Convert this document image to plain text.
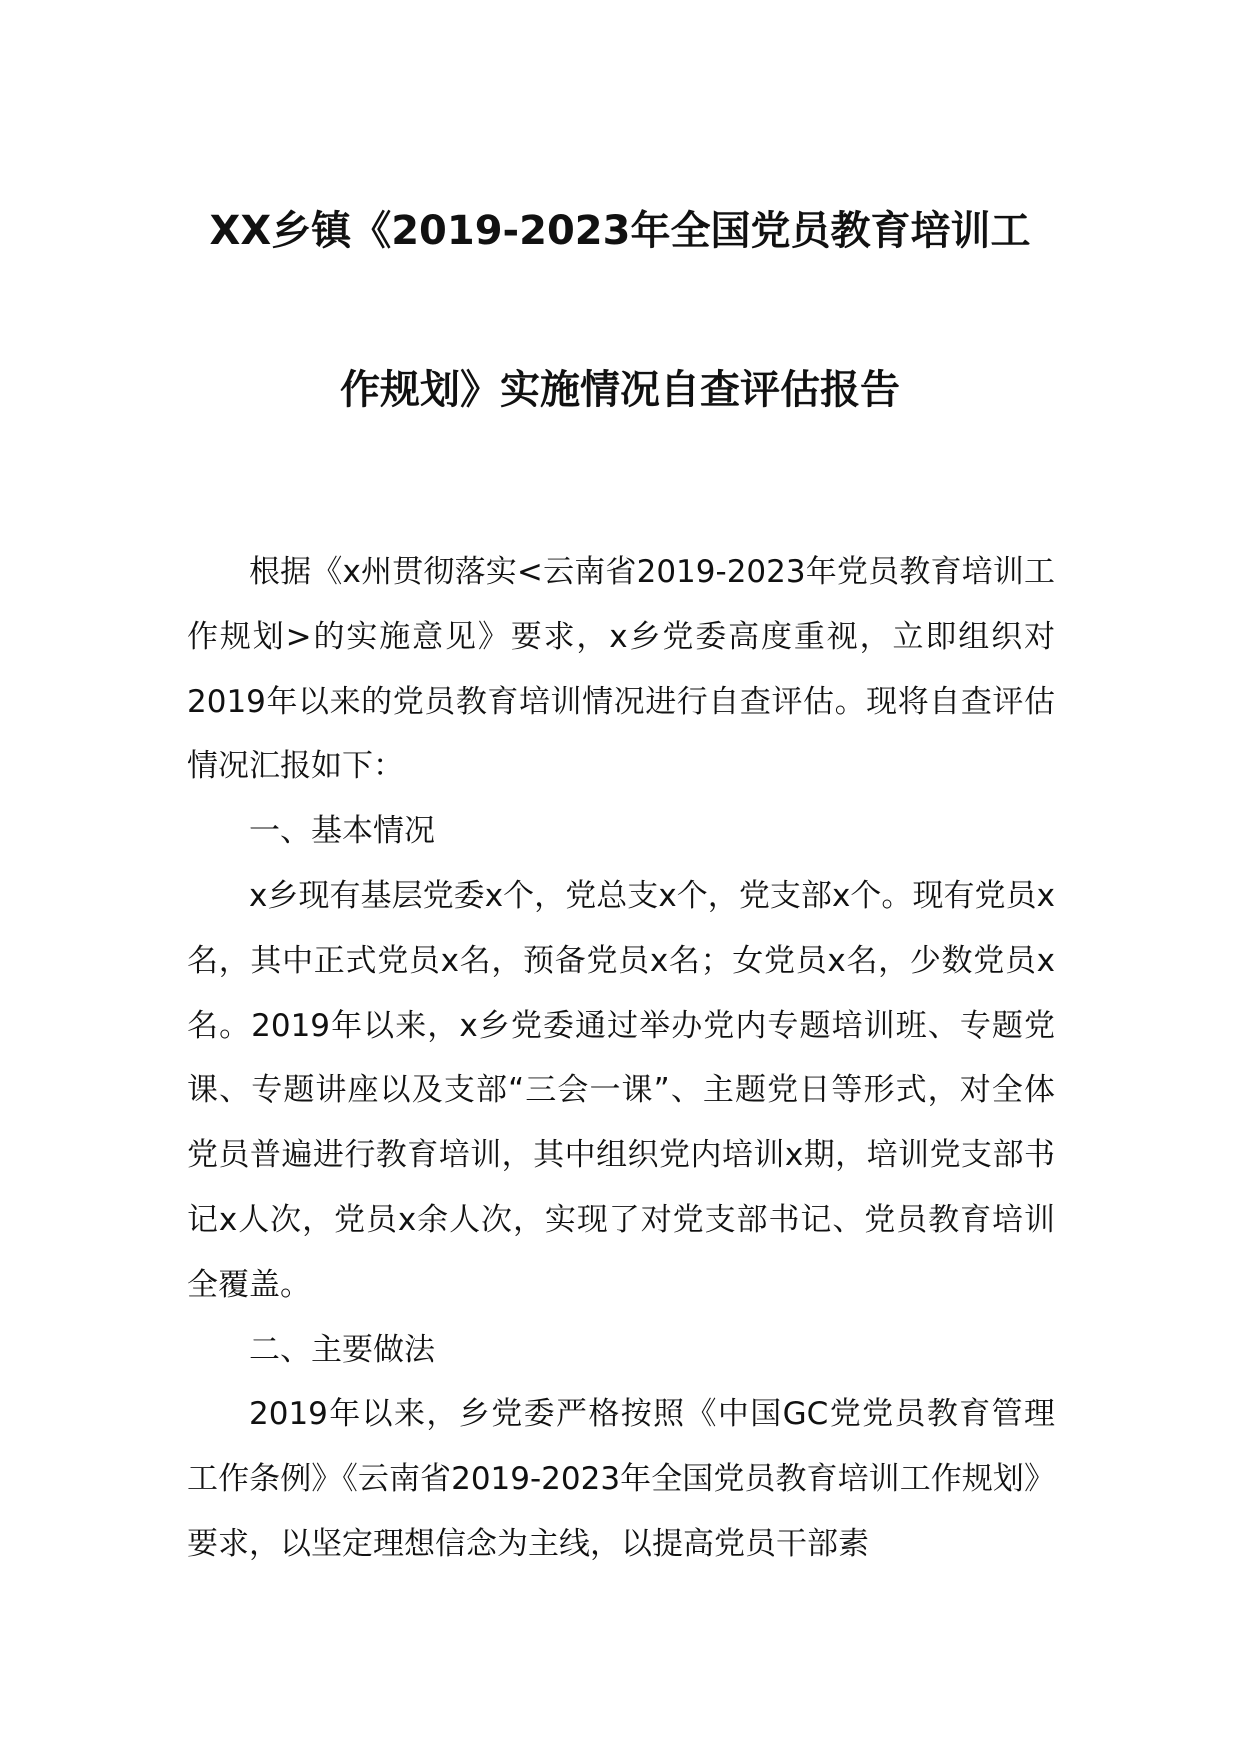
XX乡镇《2019-2023年全国党员教育培训工
作规划》实施情况自查评估报告

根据《x州贯彻落实<云南省2019-2023年党员教育培训工作规划>的实施意见》要求，x乡党委高度重视，立即组织对2019年以来的党员教育培训情况进行自查评估。现将自查评估情况汇报如下：

一、基本情况

x乡现有基层党委x个，党总支x个，党支部x个。现有党员x名，其中正式党员x名，预备党员x名；女党员x名，少数党员x名。2019年以来，x乡党委通过举办党内专题培训班、专题党课、专题讲座以及支部“三会一课”、主题党日等形式，对全体党员普遍进行教育培训，其中组织党内培训x期，培训党支部书记x人次，党员x余人次，实现了对党支部书记、党员教育培训全覆盖。

二、主要做法

2019年以来，乡党委严格按照《中国GC党党员教育管理工作条例》《云南省2019-2023年全国党员教育培训工作规划》要求，以坚定理想信念为主线，以提高党员干部素
